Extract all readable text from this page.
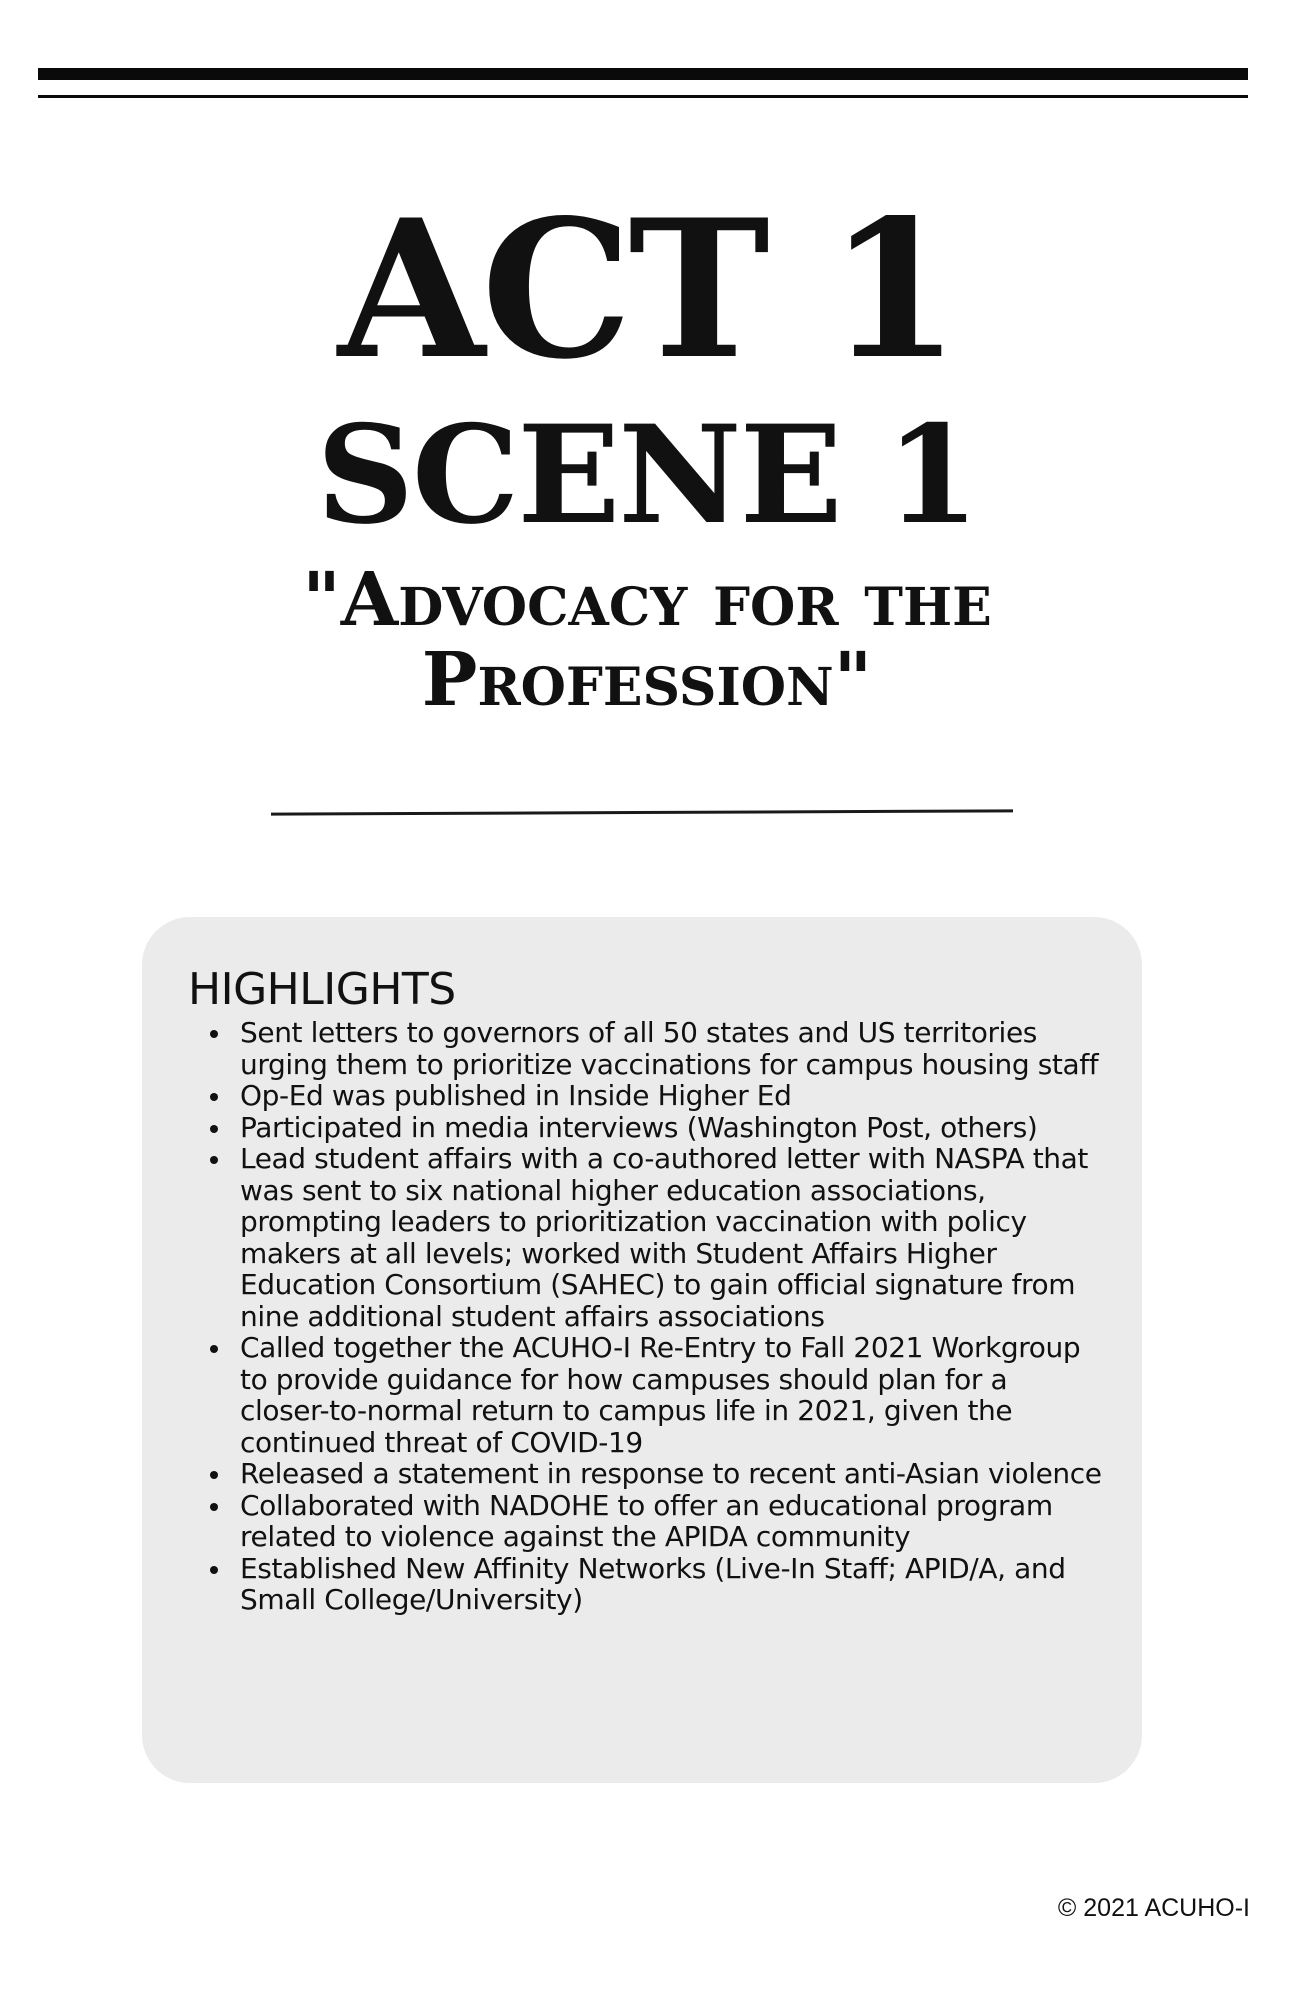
ACT 1
SCENE 1
"Advocacy for the Profession"
HIGHLIGHTS
Sent letters to governors of all 50 states and US territories urging them to prioritize vaccinations for campus housing staff
Op-Ed was published in Inside Higher Ed
Participated in media interviews (Washington Post, others)
Lead student affairs with a co-authored letter with NASPA that was sent to six national higher education associations, prompting leaders to prioritization vaccination with policy makers at all levels; worked with Student Affairs Higher Education Consortium (SAHEC) to gain official signature from nine additional student affairs associations
Called together the ACUHO-I Re-Entry to Fall 2021 Workgroup to provide guidance for how campuses should plan for a closer-to-normal return to campus life in 2021, given the continued threat of COVID-19
Released a statement in response to recent anti-Asian violence
Collaborated with NADOHE to offer an educational program related to violence against the APIDA community
Established New Affinity Networks (Live-In Staff; APID/A, and Small College/University)

© 2021 ACUHO-I
